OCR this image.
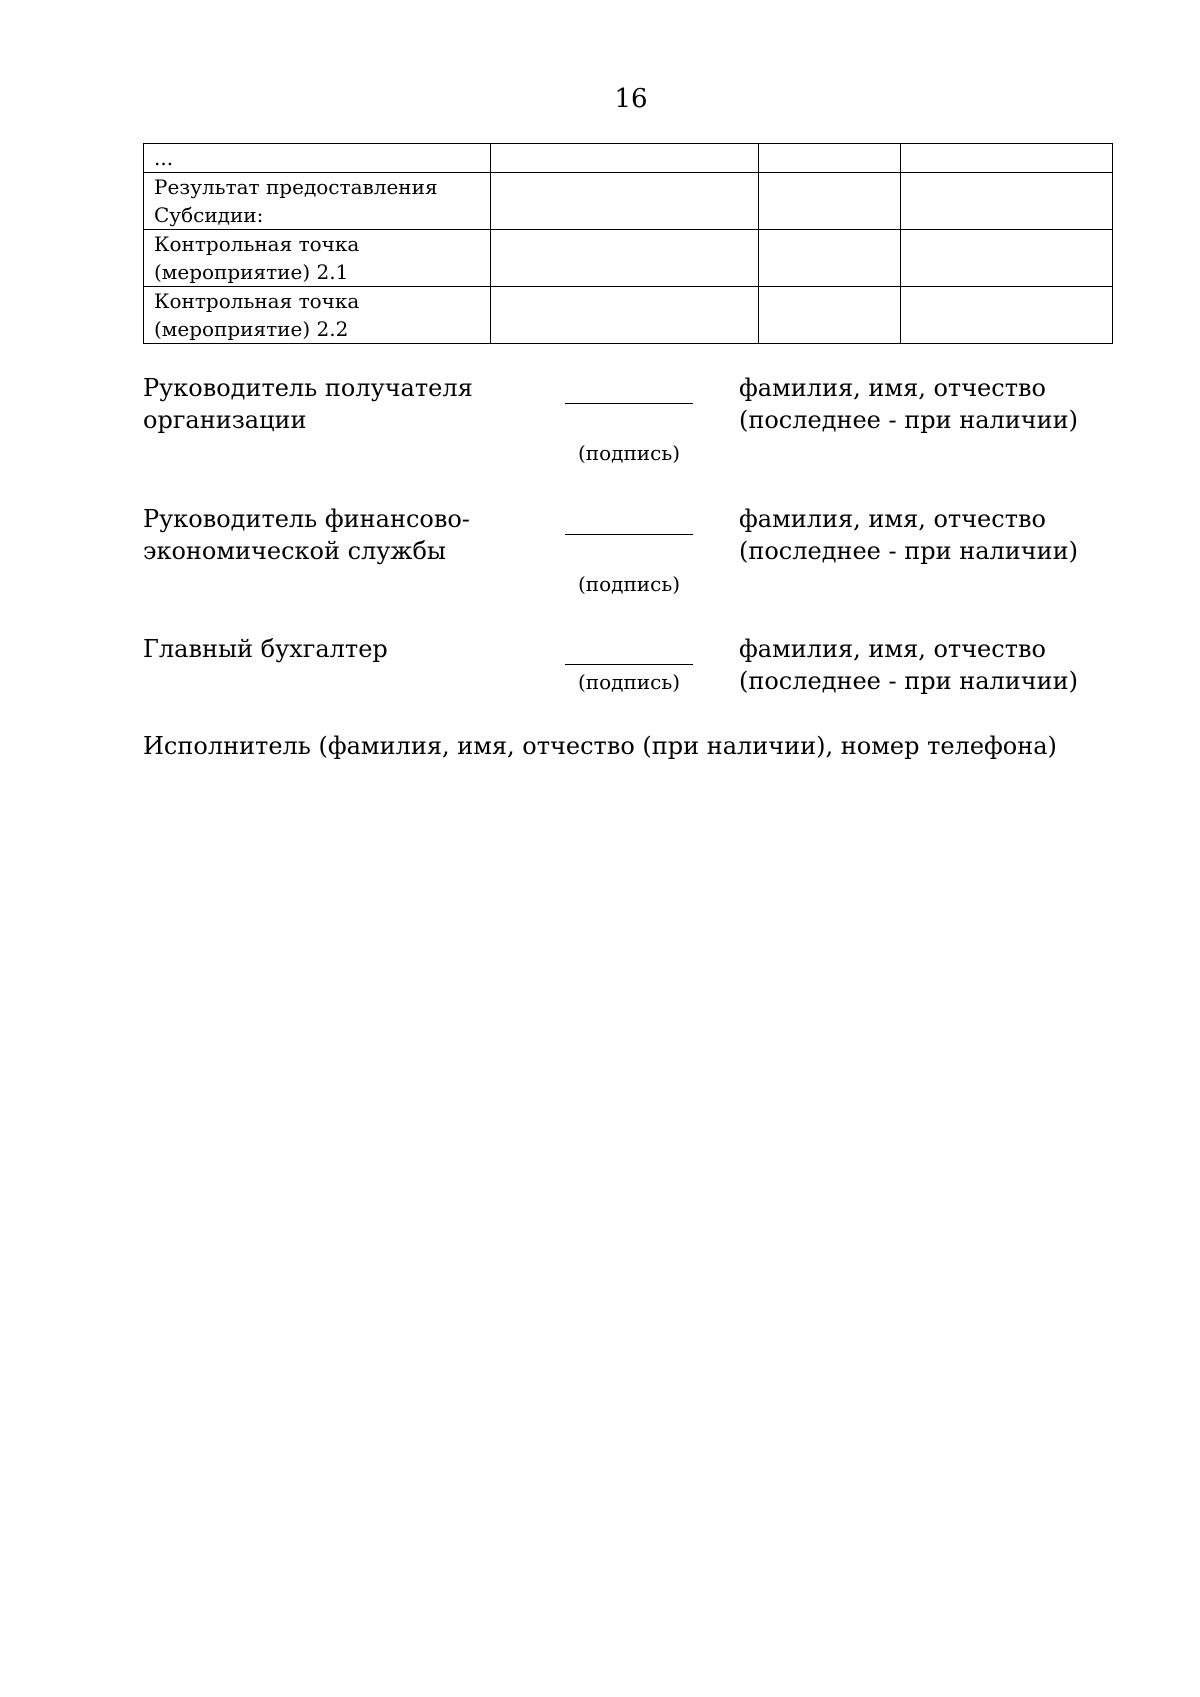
16
...			
Результат предоставления Субсидии:			
Контрольная точка (мероприятие) 2.1			
Контрольная точка (мероприятие) 2.2			
Руководитель получателя
организации
(подпись)
фамилия, имя, отчество
(последнее - при наличии)
Руководитель финансово-
экономической службы
(подпись)
фамилия, имя, отчество
(последнее - при наличии)
Главный бухгалтер
(подпись)
фамилия, имя, отчество
(последнее - при наличии)
Исполнитель (фамилия, имя, отчество (при наличии), номер телефона)
